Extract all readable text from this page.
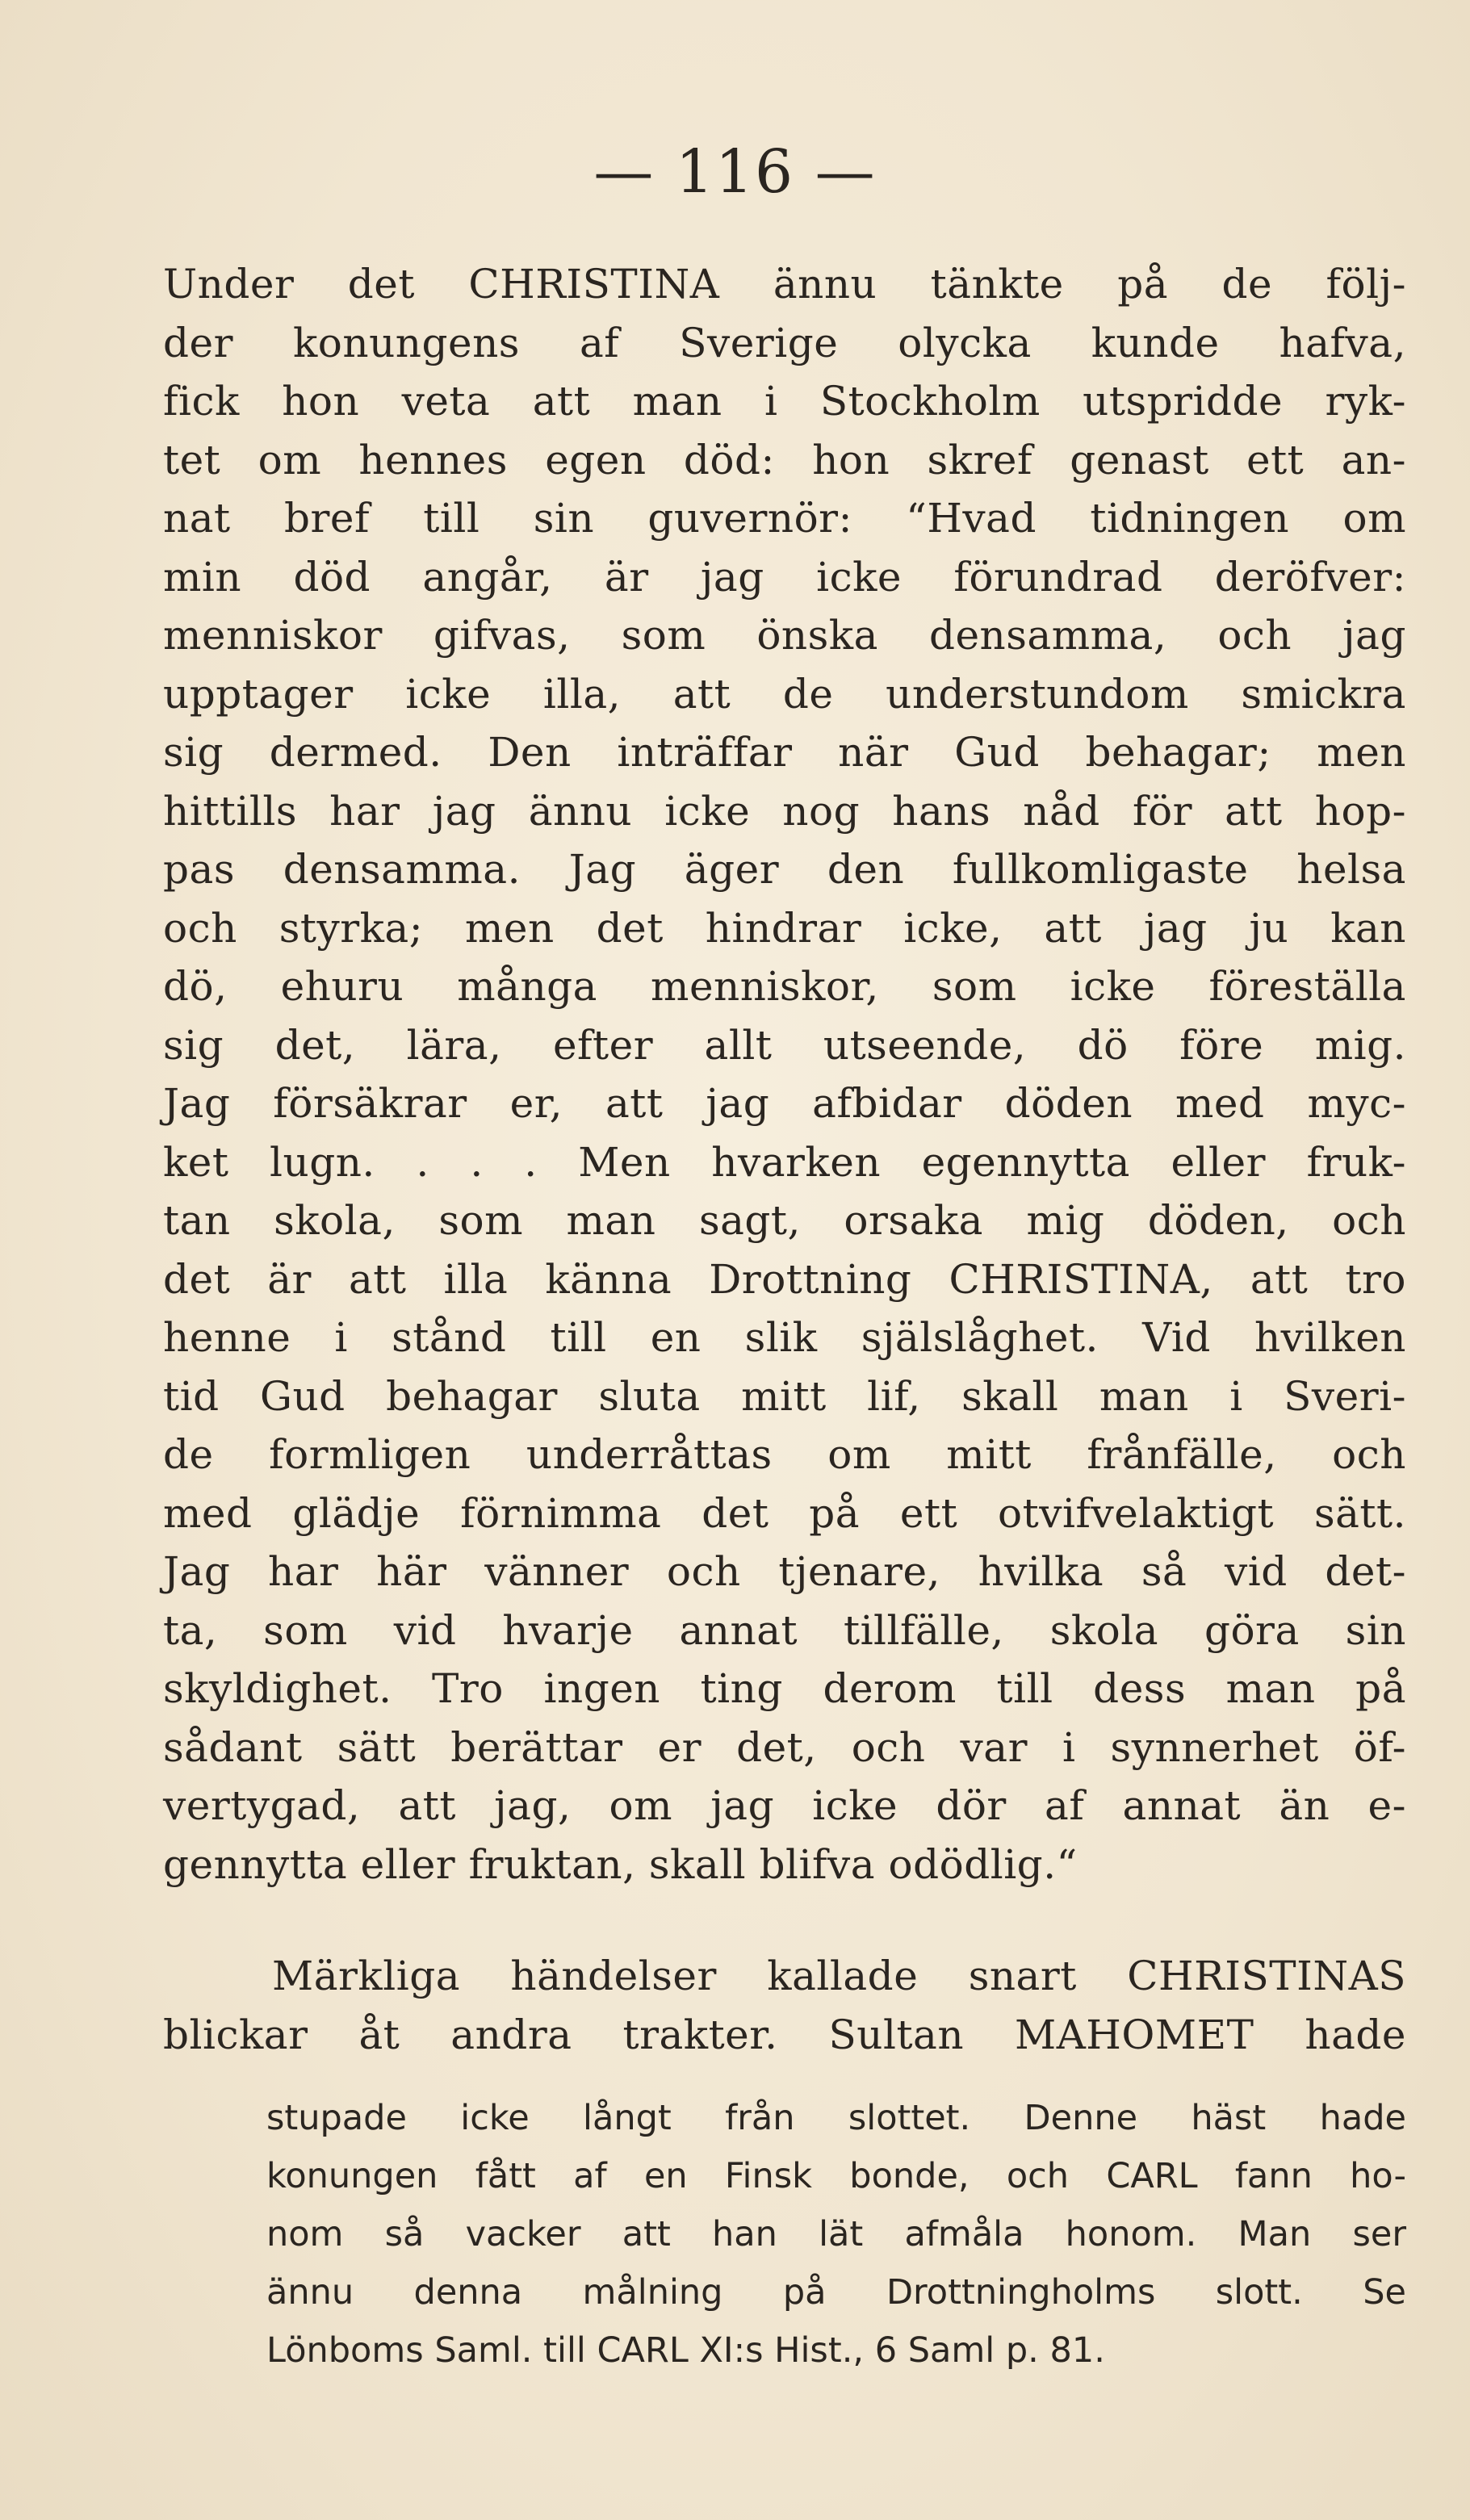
— 116 —
Under det CHRISTINA ännu tänkte på de följ-
der konungens af Sverige olycka kunde hafva,
fick hon veta att man i Stockholm utspridde ryk-
tet om hennes egen död: hon skref genast ett an-
nat bref till sin guvernör: “Hvad tidningen om
min död angår, är jag icke förundrad deröfver:
menniskor gifvas, som önska densamma, och jag
upptager icke illa, att de understundom smickra
sig dermed. Den inträffar när Gud behagar; men
hittills har jag ännu icke nog hans nåd för att hop-
pas densamma. Jag äger den fullkomligaste helsa
och styrka; men det hindrar icke, att jag ju kan
dö, ehuru många menniskor, som icke föreställa
sig det, lära, efter allt utseende, dö före mig.
Jag försäkrar er, att jag afbidar döden med myc-
ket lugn. . . . Men hvarken egennytta eller fruk-
tan skola, som man sagt, orsaka mig döden, och
det är att illa känna Drottning CHRISTINA, att tro
henne i stånd till en slik själslåghet. Vid hvilken
tid Gud behagar sluta mitt lif, skall man i Sveri-
de formligen underråttas om mitt frånfälle, och
med glädje förnimma det på ett otvifvelaktigt sätt.
Jag har här vänner och tjenare, hvilka så vid det-
ta, som vid hvarje annat tillfälle, skola göra sin
skyldighet. Tro ingen ting derom till dess man på
sådant sätt berättar er det, och var i synnerhet öf-
vertygad, att jag, om jag icke dör af annat än e-
gennytta eller fruktan, skall blifva odödlig.“
Märkliga händelser kallade snart CHRISTINAS
blickar åt andra trakter. Sultan MAHOMET hade
stupade icke långt från slottet. Denne häst hade
konungen fått af en Finsk bonde, och CARL fann ho-
nom så vacker att han lät afmåla honom. Man ser
ännu denna målning på Drottningholms slott. Se
Lönboms Saml. till CARL XI:s Hist., 6 Saml p. 81.
